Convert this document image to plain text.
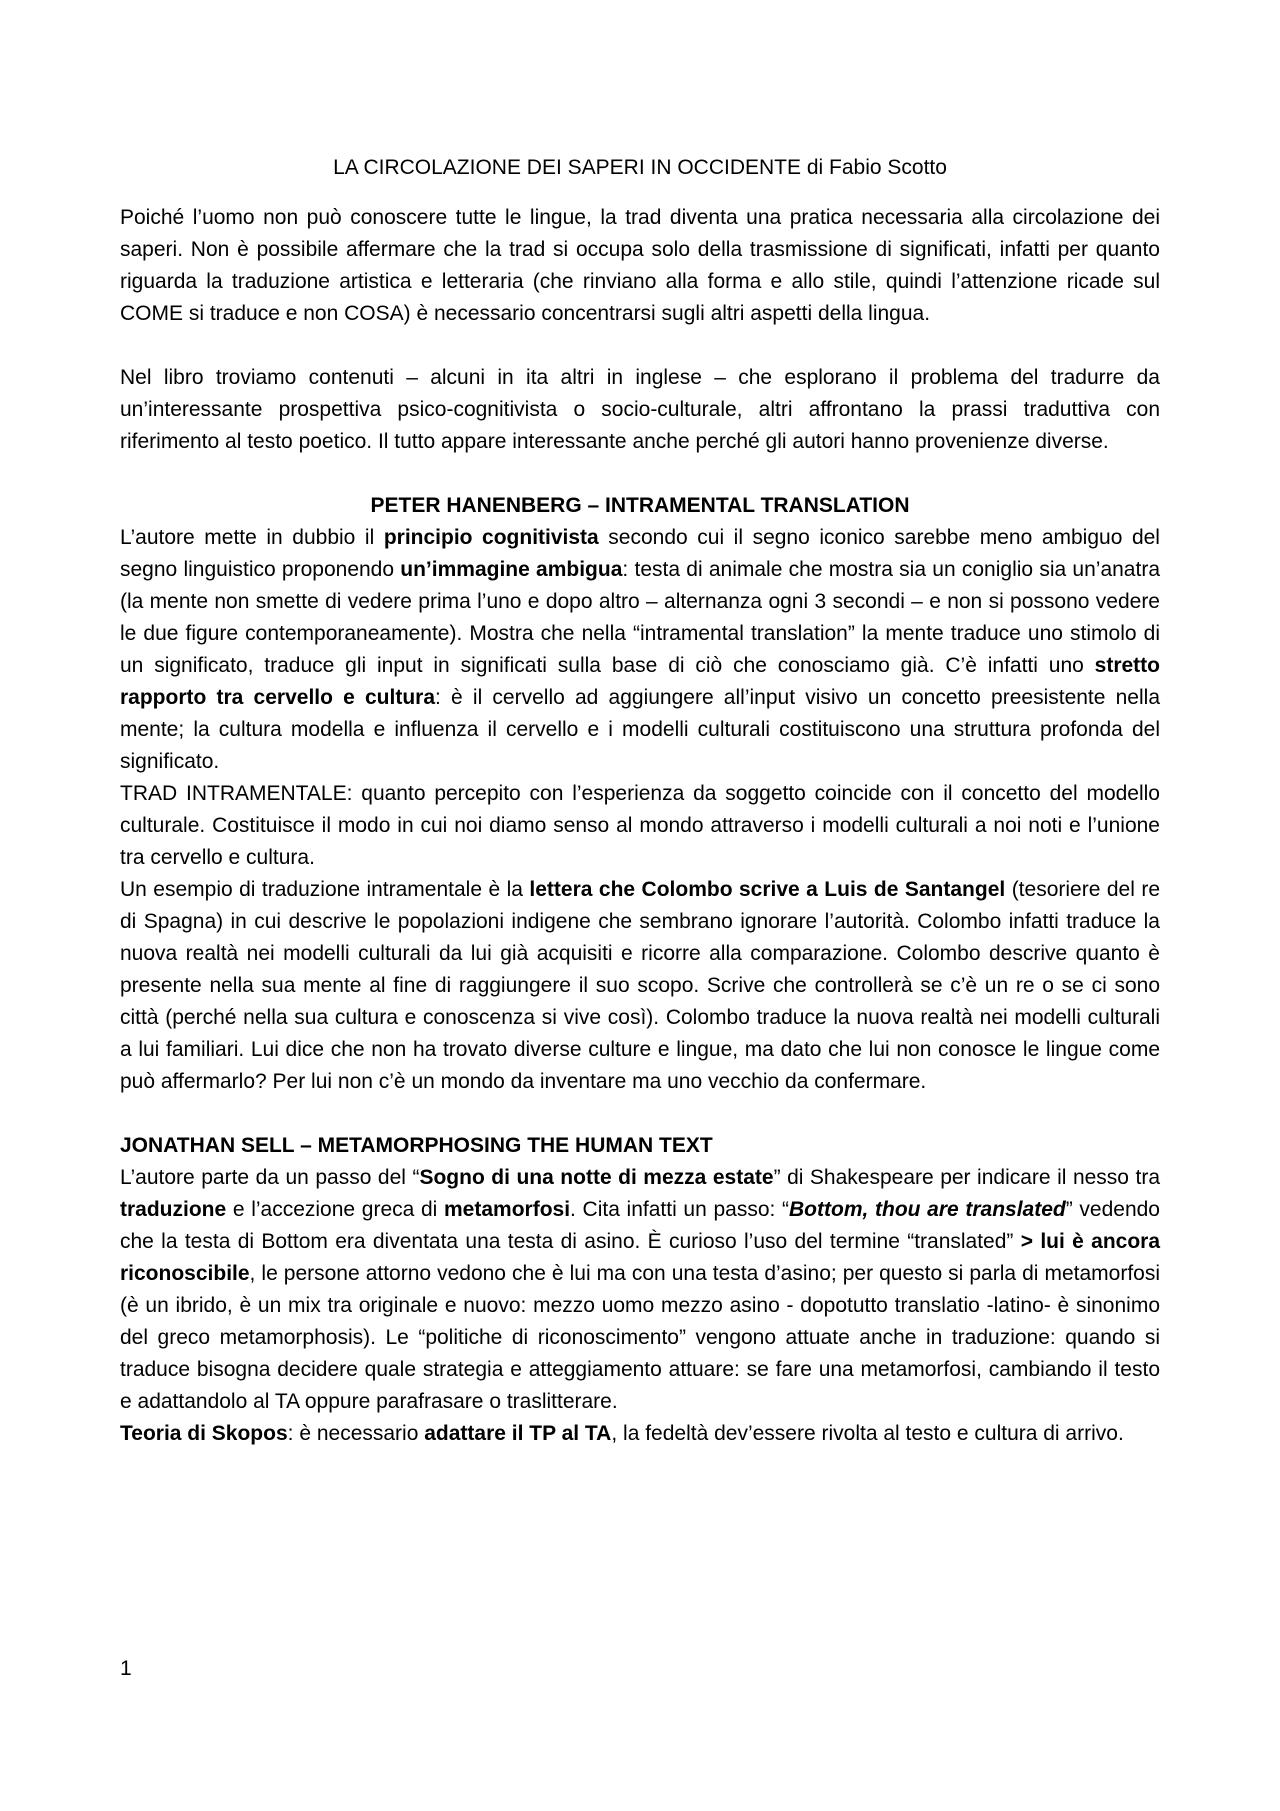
LA CIRCOLAZIONE DEI SAPERI IN OCCIDENTE di Fabio Scotto

Poiché l’uomo non può conoscere tutte le lingue, la trad diventa una pratica necessaria alla circolazione dei saperi. Non è possibile affermare che la trad si occupa solo della trasmissione di significati, infatti per quanto riguarda la traduzione artistica e letteraria (che rinviano alla forma e allo stile, quindi l’attenzione ricade sul COME si traduce e non COSA) è necessario concentrarsi sugli altri aspetti della lingua.

Nel libro troviamo contenuti – alcuni in ita altri in inglese – che esplorano il problema del tradurre da un’interessante prospettiva psico-cognitivista o socio-culturale, altri affrontano la prassi traduttiva con riferimento al testo poetico. Il tutto appare interessante anche perché gli autori hanno provenienze diverse.

PETER HANENBERG – INTRAMENTAL TRANSLATION

L’autore mette in dubbio il principio cognitivista secondo cui il segno iconico sarebbe meno ambiguo del segno linguistico proponendo un’immagine ambigua: testa di animale che mostra sia un coniglio sia un’anatra (la mente non smette di vedere prima l’uno e dopo altro – alternanza ogni 3 secondi – e non si possono vedere le due figure contemporaneamente). Mostra che nella “intramental translation” la mente traduce uno stimolo di un significato, traduce gli input in significati sulla base di ciò che conosciamo già. C’è infatti uno stretto rapporto tra cervello e cultura: è il cervello ad aggiungere all’input visivo un concetto preesistente nella mente; la cultura modella e influenza il cervello e i modelli culturali costituiscono una struttura profonda del significato.

TRAD INTRAMENTALE: quanto percepito con l’esperienza da soggetto coincide con il concetto del modello culturale. Costituisce il modo in cui noi diamo senso al mondo attraverso i modelli culturali a noi noti e l’unione tra cervello e cultura.

Un esempio di traduzione intramentale è la lettera che Colombo scrive a Luis de Santangel (tesoriere del re di Spagna) in cui descrive le popolazioni indigene che sembrano ignorare l’autorità. Colombo infatti traduce la nuova realtà nei modelli culturali da lui già acquisiti e ricorre alla comparazione. Colombo descrive quanto è presente nella sua mente al fine di raggiungere il suo scopo. Scrive che controllerà se c’è un re o se ci sono città (perché nella sua cultura e conoscenza si vive così). Colombo traduce la nuova realtà nei modelli culturali a lui familiari. Lui dice che non ha trovato diverse culture e lingue, ma dato che lui non conosce le lingue come può affermarlo? Per lui non c’è un mondo da inventare ma uno vecchio da confermare.

JONATHAN SELL – METAMORPHOSING THE HUMAN TEXT

L’autore parte da un passo del “Sogno di una notte di mezza estate” di Shakespeare per indicare il nesso tra traduzione e l’accezione greca di metamorfosi. Cita infatti un passo: “Bottom, thou are translated” vedendo che la testa di Bottom era diventata una testa di asino. È curioso l’uso del termine “translated” > lui è ancora riconoscibile, le persone attorno vedono che è lui ma con una testa d’asino; per questo si parla di metamorfosi (è un ibrido, è un mix tra originale e nuovo: mezzo uomo mezzo asino - dopotutto translatio -latino- è sinonimo del greco metamorphosis). Le “politiche di riconoscimento” vengono attuate anche in traduzione: quando si traduce bisogna decidere quale strategia e atteggiamento attuare: se fare una metamorfosi, cambiando il testo e adattandolo al TA oppure parafrasare o traslitterare.

Teoria di Skopos: è necessario adattare il TP al TA, la fedeltà dev’essere rivolta al testo e cultura di arrivo.

1
